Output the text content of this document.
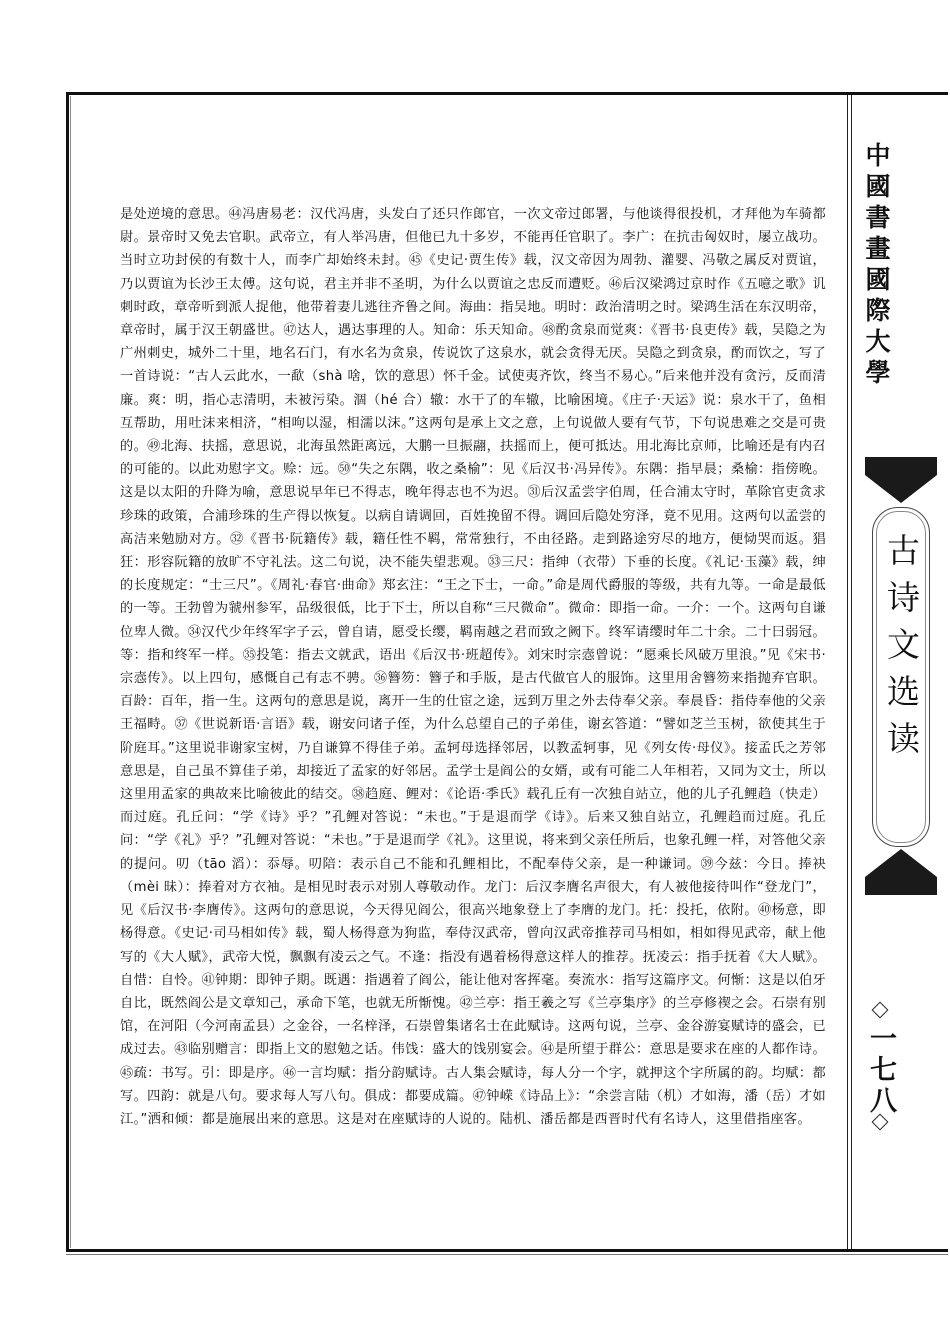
中國書畫國際大學
古诗文选读
一七八

是处逆境的意思。㊹冯唐易老：汉代冯唐，头发白了还只作郎官，一次文帝过郎署，与他谈得很投机，才拜他为车骑都尉。景帝时又免去官职。武帝立，有人举冯唐，但他已九十多岁，不能再任官职了。李广：在抗击匈奴时，屡立战功。当时立功封侯的有数十人，而李广却始终未封。㊺《史记·贾生传》载，汉文帝因为周勃、灌婴、冯敬之属反对贾谊，乃以贾谊为长沙王太傅。这句说，君主并非不圣明，为什么以贾谊之忠反而遭贬。㊻后汉梁鸿过京时作《五噫之歌》讥刺时政，章帝听到派人捉他，他带着妻儿逃往齐鲁之间。海曲：指吴地。明时：政治清明之时。梁鸿生活在东汉明帝，章帝时，属于汉王朝盛世。㊼达人，遇达事理的人。知命：乐天知命。㊽酌贪泉而觉爽：《晋书·良吏传》载，吴隐之为广州刺史，城外二十里，地名石门，有水名为贪泉，传说饮了这泉水，就会贪得无厌。吴隐之到贪泉，酌而饮之，写了一首诗说：“古人云此水，一歃（shà 啥，饮的意思）怀千金。试使夷齐饮，终当不易心。”后来他并没有贪污，反而清廉。爽：明，指心志清明，未被污染。涸（hé 合）辙：水干了的车辙，比喻困境。《庄子·天运》说：泉水干了，鱼相互帮助，用吐沫来相济，“相呴以湿，相濡以沫。”这两句是承上文之意，上句说做人要有气节，下句说患难之交是可贵的。㊾北海、扶摇，意思说，北海虽然距离远，大鹏一旦振翮，扶摇而上，便可抵达。用北海比京师，比喻还是有内召的可能的。以此劝慰字文。赊：远。㊿“失之东隅，收之桑榆”：见《后汉书·冯异传》。东隅：指早晨；桑榆：指傍晚。这是以太阳的升降为喻，意思说早年已不得志，晚年得志也不为迟。㉛后汉孟尝字伯周，任合浦太守时，革除官吏贪求珍珠的政策，合浦珍珠的生产得以恢复。以病自请调回，百姓挽留不得。调回后隐处穷泽，竟不见用。这两句以孟尝的高洁来勉励对方。㉜《晋书·阮籍传》载，籍任性不羁，常常独行，不由径路。走到路途穷尽的地方，便恸哭而返。猖狂：形容阮籍的放旷不守礼法。这二句说，决不能失望悲观。㉝三尺：指绅（衣带）下垂的长度。《礼记·玉藻》载，绅的长度规定：“士三尺”。《周礼·春官·曲命》郑玄注：“王之下士，一命。”命是周代爵服的等级，共有九等。一命是最低的一等。王勃曾为虢州参军，品级很低，比于下士，所以自称“三尺微命”。微命：即指一命。一介：一个。这两句自谦位卑人微。㉞汉代少年终军字子云，曾自请，愿受长缨，羁南越之君而致之阙下。终军请缨时年二十余。二十曰弱冠。等：指和终军一样。㉟投笔：指去文就武，语出《后汉书·班超传》。刘宋时宗悫曾说：“愿乘长风破万里浪。”见《宋书·宗悫传》。以上四句，感慨自己有志不骋。㊱簪笏：簪子和手版，是古代做官人的服饰。这里用舍簪笏来指抛弃官职。百龄：百年，指一生。这两句的意思是说，离开一生的仕宦之途，远到万里之外去侍奉父亲。奉晨昏：指侍奉他的父亲王福畤。㊲《世说新语·言语》载，谢安问诸子侄，为什么总望自己的子弟佳，谢玄答道：“譬如芝兰玉树，欲使其生于阶庭耳。”这里说非谢家宝树，乃自谦算不得佳子弟。孟轲母选择邻居，以教孟轲事，见《列女传·母仪》。接孟氏之芳邻意思是，自己虽不算佳子弟，却接近了孟家的好邻居。孟学士是阎公的女婿，或有可能二人年相若，又同为文士，所以这里用孟家的典故来比喻彼此的结交。㊳趋庭、鲤对：《论语·季氏》载孔丘有一次独自站立，他的儿子孔鲤趋（快走）而过庭。孔丘问：“学《诗》乎？”孔鲤对答说：“未也。”于是退而学《诗》。后来又独自站立，孔鲤趋而过庭。孔丘问：“学《礼》乎？”孔鲤对答说：“未也。”于是退而学《礼》。这里说，将来到父亲任所后，也象孔鲤一样，对答他父亲的提问。叨（tāo 滔）：忝辱。叨陪：表示自己不能和孔鲤相比，不配奉侍父亲，是一种谦词。㊴今兹：今日。捧袂（mèi 昧）：捧着对方衣袖。是相见时表示对别人尊敬动作。龙门：后汉李膺名声很大，有人被他接待叫作“登龙门”，见《后汉书·李膺传》。这两句的意思说，今天得见阎公，很高兴地象登上了李膺的龙门。托：投托，依附。㊵杨意，即杨得意。《史记·司马相如传》载，蜀人杨得意为狗监，奉侍汉武帝，曾向汉武帝推荐司马相如，相如得见武帝，献上他写的《大人赋》，武帝大悦，飘飘有凌云之气。不逢：指没有遇着杨得意这样人的推荐。抚凌云：指手抚着《大人赋》。自惜：自怜。㊶钟期：即钟子期。既遇：指遇着了阎公，能让他对客挥毫。奏流水：指写这篇序文。何惭：这是以伯牙自比，既然阎公是文章知己，承命下笔，也就无所惭愧。㊷兰亭：指王羲之写《兰亭集序》的兰亭修禊之会。石崇有别馆，在河阳（今河南孟县）之金谷，一名梓泽，石崇曾集诸名士在此赋诗。这两句说，兰亭、金谷游宴赋诗的盛会，已成过去。㊸临别赠言：即指上文的慰勉之话。伟饯：盛大的饯别宴会。㊹是所望于群公：意思是要求在座的人都作诗。㊺疏：书写。引：即是序。㊻一言均赋：指分韵赋诗。古人集会赋诗，每人分一个字，就押这个字所属的韵。均赋：都写。四韵：就是八句。要求每人写八句。俱成：都要成篇。㊼钟嵘《诗品上》：“余尝言陆（机）才如海，潘（岳）才如江。”洒和倾：都是施展出来的意思。这是对在座赋诗的人说的。陆机、潘岳都是西晋时代有名诗人，这里借指座客。
